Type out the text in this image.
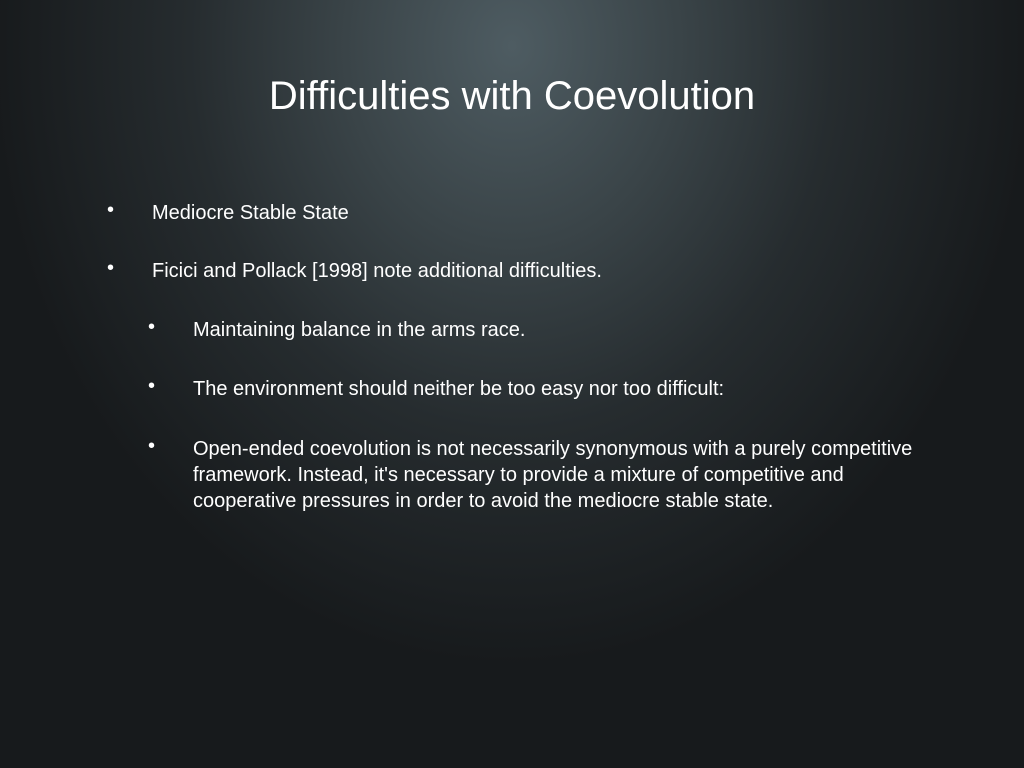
Difficulties with Coevolution
• Mediocre Stable State
• Ficici and Pollack [1998] note additional difficulties.
• Maintaining balance in the arms race.
• The environment should neither be too easy nor too difficult:
• Open-ended coevolution is not necessarily synonymous with a purely competitive framework. Instead, it's necessary to provide a mixture of competitive and cooperative pressures in order to avoid the mediocre stable state.
